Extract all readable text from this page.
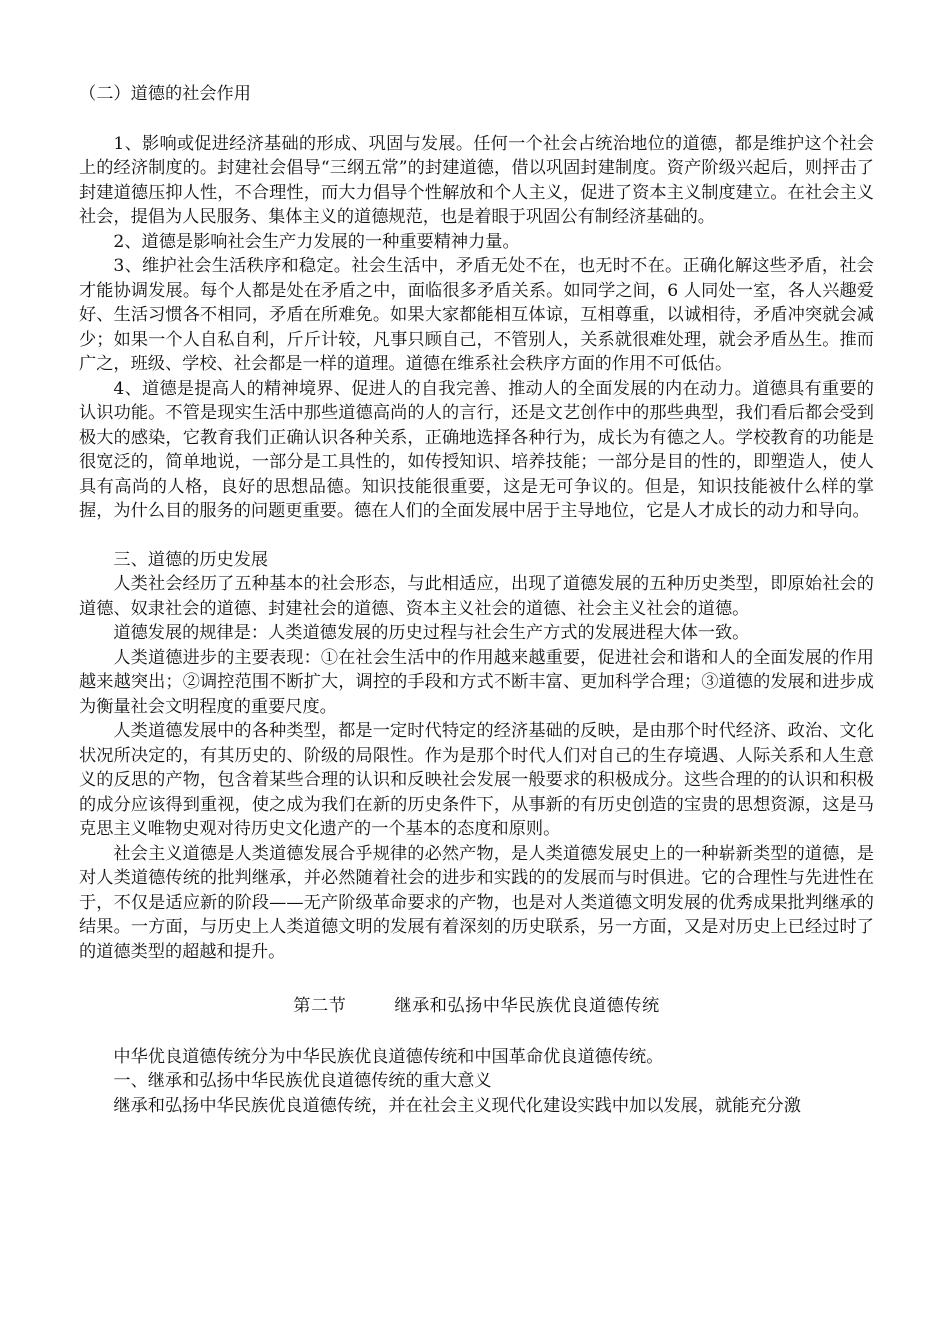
（二）道德的社会作用

1、影响或促进经济基础的形成、巩固与发展。任何一个社会占统治地位的道德，都是维护这个社会上的经济制度的。封建社会倡导“三纲五常”的封建道德，借以巩固封建制度。资产阶级兴起后，则抨击了封建道德压抑人性，不合理性，而大力倡导个性解放和个人主义，促进了资本主义制度建立。在社会主义社会，提倡为人民服务、集体主义的道德规范，也是着眼于巩固公有制经济基础的。

2、道德是影响社会生产力发展的一种重要精神力量。

3、维护社会生活秩序和稳定。社会生活中，矛盾无处不在，也无时不在。正确化解这些矛盾，社会才能协调发展。每个人都是处在矛盾之中，面临很多矛盾关系。如同学之间，6 人同处一室，各人兴趣爱好、生活习惯各不相同，矛盾在所难免。如果大家都能相互体谅，互相尊重，以诚相待，矛盾冲突就会减少；如果一个人自私自利，斤斤计较，凡事只顾自己，不管别人，关系就很难处理，就会矛盾丛生。推而广之，班级、学校、社会都是一样的道理。道德在维系社会秩序方面的作用不可低估。

4、道德是提高人的精神境界、促进人的自我完善、推动人的全面发展的内在动力。道德具有重要的认识功能。不管是现实生活中那些道德高尚的人的言行，还是文艺创作中的那些典型，我们看后都会受到极大的感染，它教育我们正确认识各种关系，正确地选择各种行为，成长为有德之人。学校教育的功能是很宽泛的，简单地说，一部分是工具性的，如传授知识、培养技能；一部分是目的性的，即塑造人，使人具有高尚的人格，良好的思想品德。知识技能很重要，这是无可争议的。但是，知识技能被什么样的掌握，为什么目的服务的问题更重要。德在人们的全面发展中居于主导地位，它是人才成长的动力和导向。

三、道德的历史发展

人类社会经历了五种基本的社会形态，与此相适应，出现了道德发展的五种历史类型，即原始社会的道德、奴隶社会的道德、封建社会的道德、资本主义社会的道德、社会主义社会的道德。

道德发展的规律是：人类道德发展的历史过程与社会生产方式的发展进程大体一致。

人类道德进步的主要表现：①在社会生活中的作用越来越重要，促进社会和谐和人的全面发展的作用越来越突出；②调控范围不断扩大，调控的手段和方式不断丰富、更加科学合理；③道德的发展和进步成为衡量社会文明程度的重要尺度。

人类道德发展中的各种类型，都是一定时代特定的经济基础的反映，是由那个时代经济、政治、文化状况所决定的，有其历史的、阶级的局限性。作为是那个时代人们对自己的生存境遇、人际关系和人生意义的反思的产物，包含着某些合理的认识和反映社会发展一般要求的积极成分。这些合理的的认识和积极的成分应该得到重视，使之成为我们在新的历史条件下，从事新的有历史创造的宝贵的思想资源，这是马克思主义唯物史观对待历史文化遗产的一个基本的态度和原则。

社会主义道德是人类道德发展合乎规律的必然产物，是人类道德发展史上的一种崭新类型的道德，是对人类道德传统的批判继承，并必然随着社会的进步和实践的的发展而与时俱进。它的合理性与先进性在于，不仅是适应新的阶段——无产阶级革命要求的产物，也是对人类道德文明发展的优秀成果批判继承的结果。一方面，与历史上人类道德文明的发展有着深刻的历史联系，另一方面，又是对历史上已经过时了的道德类型的超越和提升。

第二节	继承和弘扬中华民族优良道德传统

中华优良道德传统分为中华民族优良道德传统和中国革命优良道德传统。

一、继承和弘扬中华民族优良道德传统的重大意义

继承和弘扬中华民族优良道德传统，并在社会主义现代化建设实践中加以发展，就能充分激
